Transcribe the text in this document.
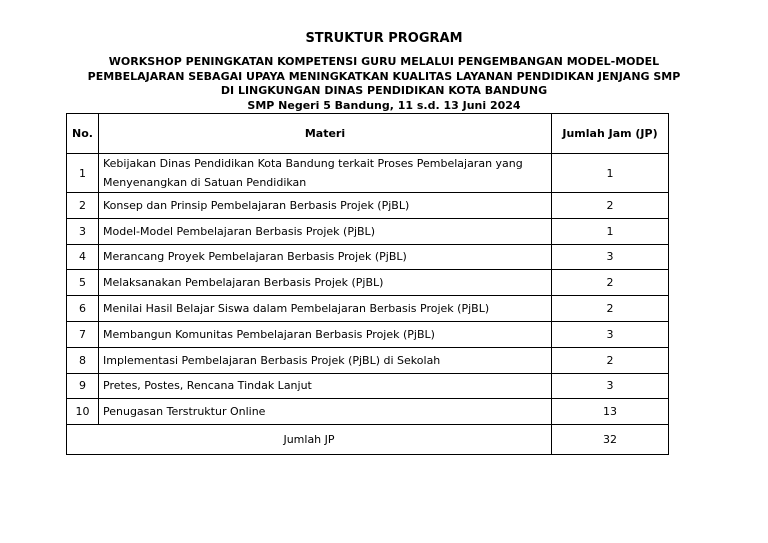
STRUKTUR PROGRAM
WORKSHOP PENINGKATAN KOMPETENSI GURU MELALUI PENGEMBANGAN MODEL-MODEL
PEMBELAJARAN SEBAGAI UPAYA MENINGKATKAN KUALITAS LAYANAN PENDIDIKAN JENJANG SMP
DI LINGKUNGAN DINAS PENDIDIKAN KOTA BANDUNG
SMP Negeri 5 Bandung, 11 s.d. 13 Juni 2024
No.	Materi	Jumlah Jam (JP)
1	Kebijakan Dinas Pendidikan Kota Bandung terkait Proses Pembelajaran yang
Menyenangkan di Satuan Pendidikan	1
2	Konsep dan Prinsip Pembelajaran Berbasis Projek (PjBL)	2
3	Model-Model Pembelajaran Berbasis Projek (PjBL)	1
4	Merancang Proyek Pembelajaran Berbasis Projek (PjBL)	3
5	Melaksanakan Pembelajaran Berbasis Projek (PjBL)	2
6	Menilai Hasil Belajar Siswa dalam Pembelajaran Berbasis Projek (PjBL)	2
7	Membangun Komunitas Pembelajaran Berbasis Projek (PjBL)	3
8	Implementasi Pembelajaran Berbasis Projek (PjBL) di Sekolah	2
9	Pretes, Postes, Rencana Tindak Lanjut	3
10	Penugasan Terstruktur Online	13
Jumlah JP		32
